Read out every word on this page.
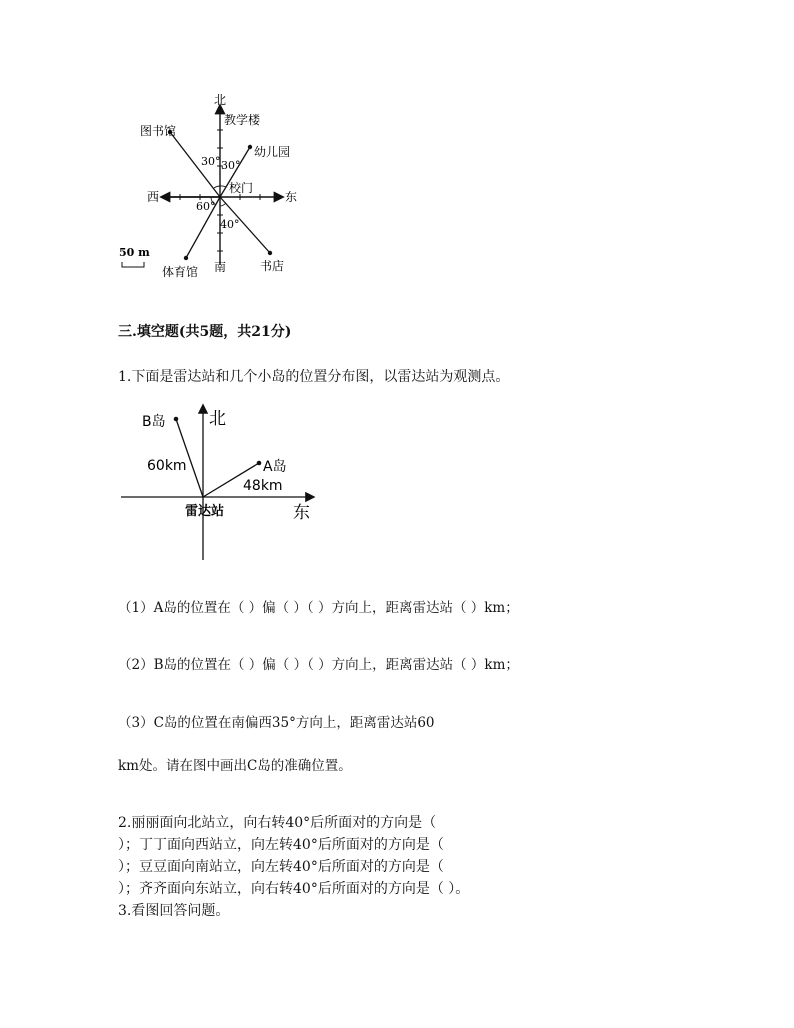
北
教学楼
图书馆
幼儿园
30° 30°
校门
西	东
60°
40°
50 m
南
体育馆	书店
三.填空题(共5题，共21分)
1.下面是雷达站和几个小岛的位置分布图，以雷达站为观测点。
北
B岛
60km	A岛
48km
雷达站	东
（1）A岛的位置在（ ）偏（ ）（ ）方向上，距离雷达站（ ）km；
（2）B岛的位置在（ ）偏（ ）（ ）方向上，距离雷达站（ ）km；
（3）C岛的位置在南偏西35°方向上，距离雷达站60
km处。请在图中画出C岛的准确位置。
2.丽丽面向北站立，向右转40°后所面对的方向是（
）；丁丁面向西站立，向左转40°后所面对的方向是（
）；豆豆面向南站立，向左转40°后所面对的方向是（
）；齐齐面向东站立，向右转40°后所面对的方向是（ ）。
3.看图回答问题。
